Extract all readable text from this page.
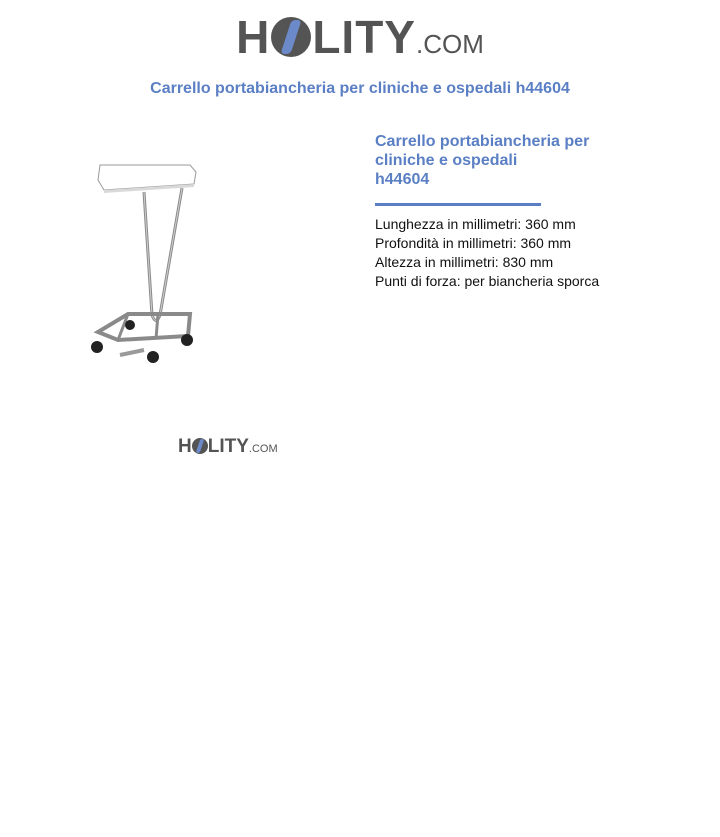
H LITY.COM
Carrello portabiancheria per cliniche e ospedali h44604
H LITY.COM
Carrello portabiancheria per
cliniche e ospedali
h44604
Lunghezza in millimetri: 360 mm
Profondità in millimetri: 360 mm
Altezza in millimetri: 830 mm
Punti di forza: per biancheria sporca
